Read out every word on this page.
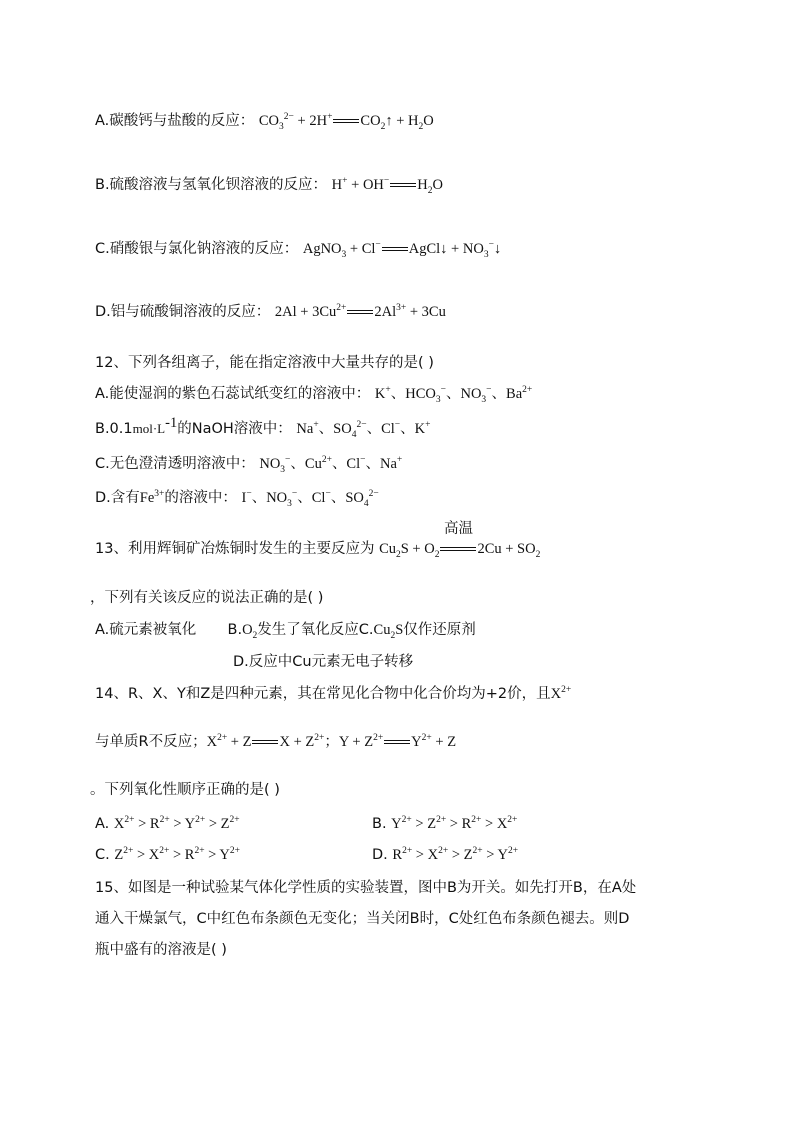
A.碳酸钙与盐酸的反应： $CO_3^{2-} + 2H^+$ $CO_2↑ + H_2O$
B.硫酸溶液与氢氧化钡溶液的反应： H+ + OH− $H_2O$
C.硝酸银与氯化钠溶液的反应： AgNO$_3$ + Cl− AgCl↓ + $NO_3^-↓$
D.铝与硫酸铜溶液的反应： $2Al + 3Cu^{2+}$ $2Al^{3+} + 3Cu$
12、下列各组离子，能在指定溶液中大量共存的是( )
A.能使湿润的紫色石蕊试纸变红的溶液中： K+、$HCO_3^-$、$NO_3^-$、$Ba^{2+}$
$B.0.1mol\cdot L^{-1}$的NaOH溶液中： Na+、$SO_4^{2-}$、Cl−、K+
C.无色澄清透明溶液中： $NO_3^-$、$Cu^{2+}$、Cl−、Na+
D.含有$Fe^{3+}$的溶液中： I−、$NO_3^-$、Cl−、$SO_4^{2-}$
13、利用辉铜矿冶炼铜时发生的主要反应为 $Cu_2S + O_2$
高温
$2Cu + SO_2$
，下列有关该反应的说法正确的是( )
A.硫元素被氧化 $B.O_2$发生了氧化反应$C.Cu_2S$仅作还原剂
D.反应中Cu元素无电子转移
14、R、X、Y和Z是四种元素，其在常见化合物中化合价均为+2价，且$X^{2+}$
与单质R不反应；$X^{2+} + Z$ $X + Z^{2+}$；$Y + Z^{2+}$ $Y^{2+} + Z$
。下列氧化性顺序正确的是( )
A. $X^{2+} > R^{2+} > Y^{2+} > Z^{2+}$	B. $Y^{2+} > Z^{2+} > R^{2+} > X^{2+}$
C. $Z^{2+} > X^{2+} > R^{2+} > Y^{2+}$	D. $R^{2+} > X^{2+} > Z^{2+} > Y^{2+}$
15、如图是一种试验某气体化学性质的实验装置，图中B为开关。如先打开B，在A处
通入干燥氯气，C中红色布条颜色无变化；当关闭B时，C处红色布条颜色褪去。则D
瓶中盛有的溶液是( )
